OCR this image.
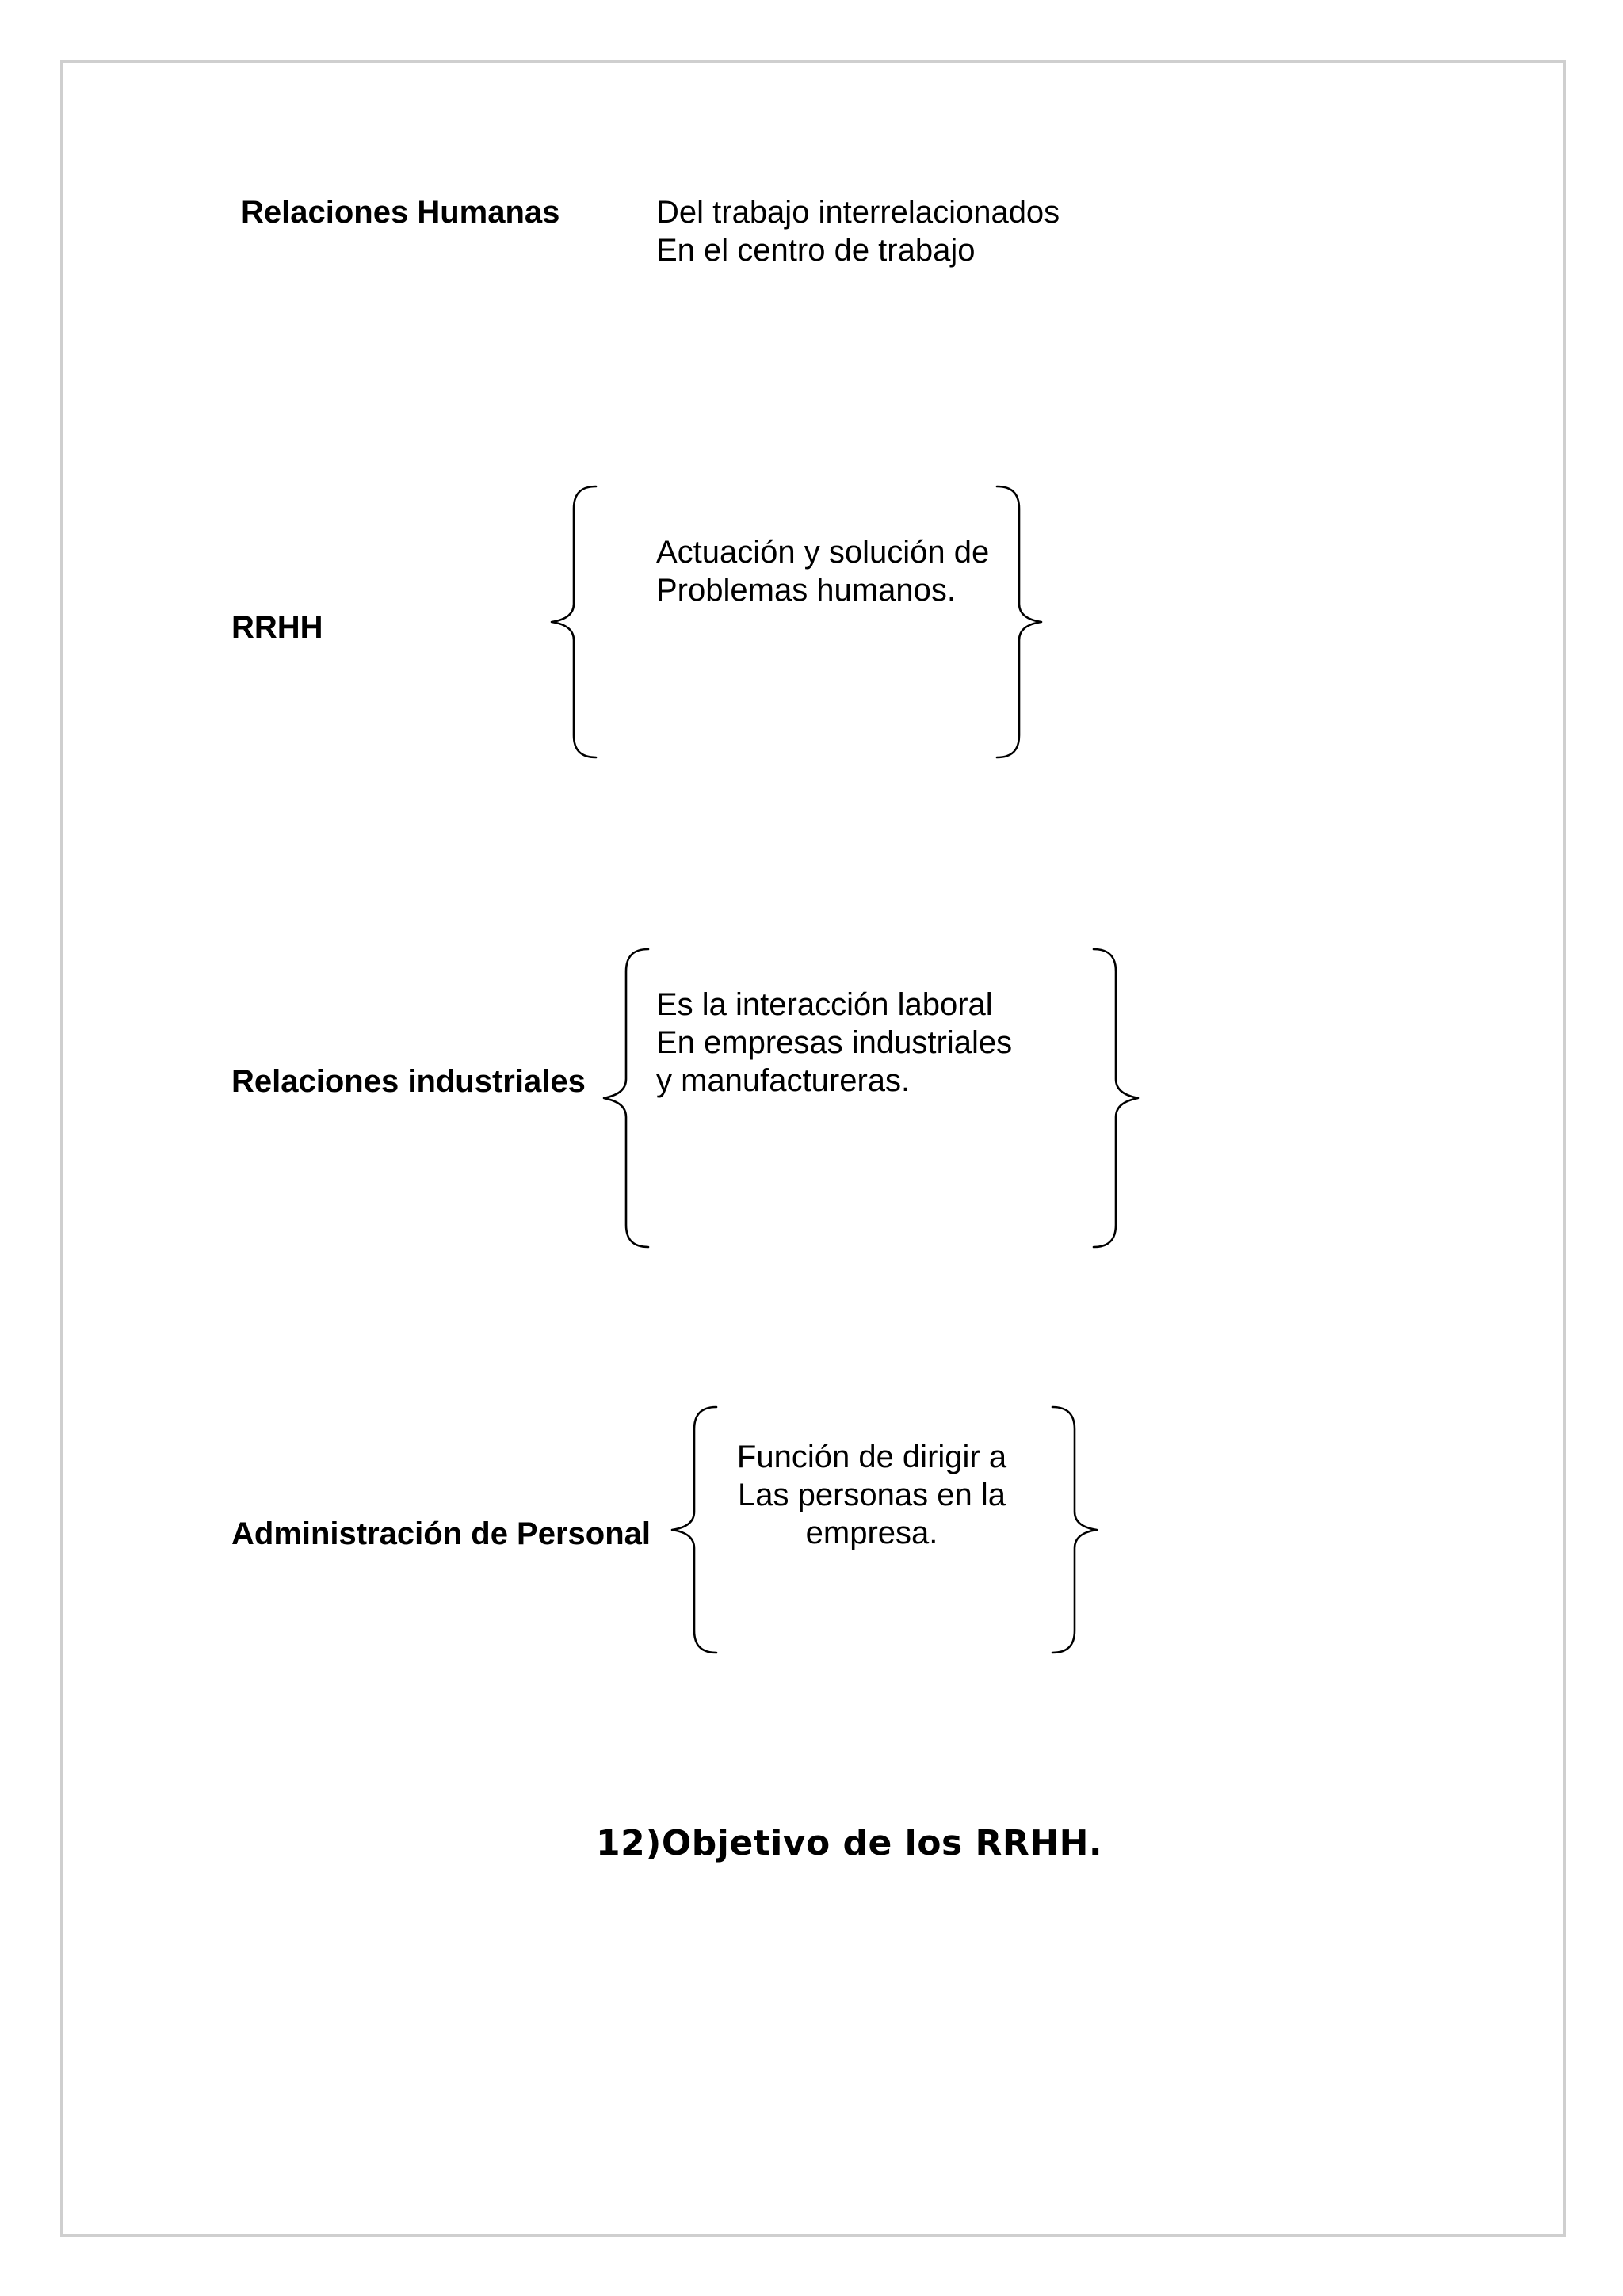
Relaciones Humanas	Del trabajo interrelacionados
En el centro de trabajo
RRHH
Actuación y solución de
Problemas humanos.
Relaciones industriales
Es la interacción laboral
En empresas industriales
y manufactureras.
Administración de Personal
Función de dirigir a
Las personas en la
empresa.
12)Objetivo de los RRHH.
